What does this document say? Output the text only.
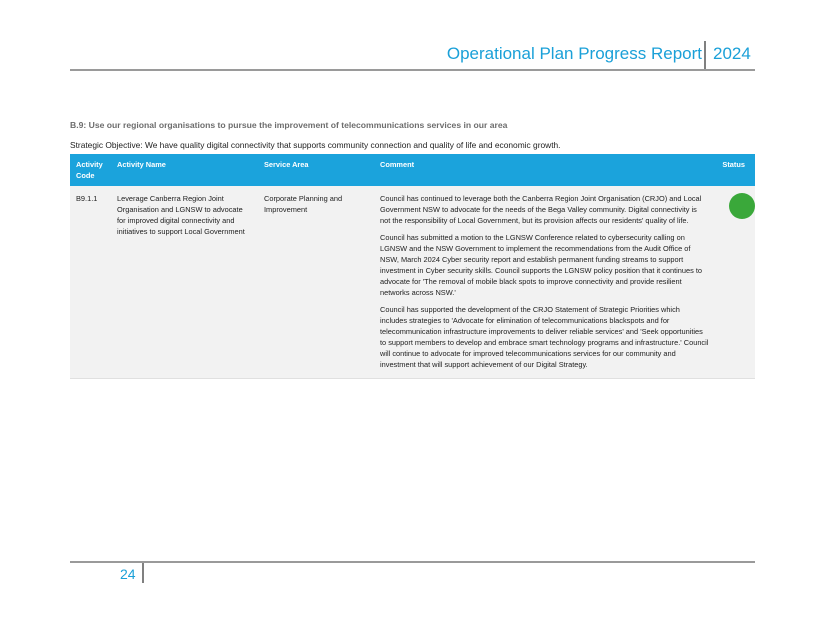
Operational Plan Progress Report 2024
B.9: Use our regional organisations to pursue the improvement of telecommunications services in our area
Strategic Objective: We have quality digital connectivity that supports community connection and quality of life and economic growth.
Activity
Code	Activity Name	Service Area	Comment	Status
B9.1.1	Leverage Canberra Region Joint Organisation and LGNSW to advocate for improved digital connectivity and initiatives to support Local Government	Corporate Planning and Improvement	Council has continued to leverage both the Canberra Region Joint Organisation (CRJO) and Local Government NSW to advocate for the needs of the Bega Valley community. Digital connectivity is not the responsibility of Local Government, but its provision affects our residents' quality of life.

Council has submitted a motion to the LGNSW Conference related to cybersecurity calling on LGNSW and the NSW Government to implement the recommendations from the Audit Office of NSW, March 2024 Cyber security report and establish permanent funding streams to support investment in Cyber security skills. Council supports the LGNSW policy position that it continues to advocate for 'The removal of mobile black spots to improve connectivity and provide resilient networks across NSW.'

Council has supported the development of the CRJO Statement of Strategic Priorities which includes strategies to 'Advocate for elimination of telecommunications blackspots and for telecommunication infrastructure improvements to deliver reliable services' and 'Seek opportunities to support members to develop and embrace smart technology programs and infrastructure.' Council will continue to advocate for improved telecommunications services for our community and investment that will support achievement of our Digital Strategy.	

24
